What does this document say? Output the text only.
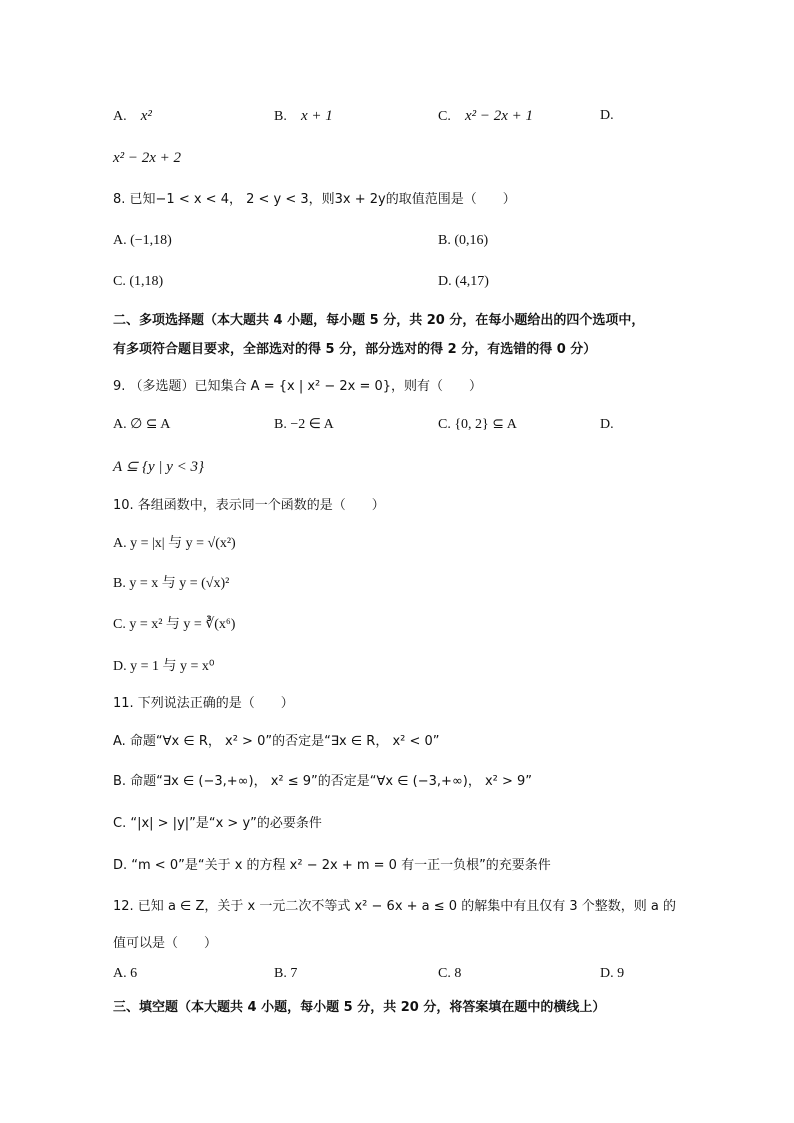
A. x²	B. x + 1	C. x² − 2x + 1	D.
x² − 2x + 2
8. 已知−1 < x < 4， 2 < y < 3，则3x + 2y的取值范围是（　　）
A. (−1,18)	B. (0,16)
C. (1,18)	D. (4,17)
二、多项选择题（本大题共 4 小题，每小题 5 分，共 20 分，在每小题给出的四个选项中，
有多项符合题目要求，全部选对的得 5 分，部分选对的得 2 分，有选错的得 0 分）
9. （多选题）已知集合 A = {x | x² − 2x = 0}，则有（　　）
A. ∅ ⊆ A	B. −2 ∈ A	C. {0, 2} ⊆ A	D.
A ⊆ {y | y < 3}
10. 各组函数中，表示同一个函数的是（　　）
A. y = |x| 与 y = √(x²)
B. y = x 与 y = (√x)²
C. y = x² 与 y = ∛(x⁶)
D. y = 1 与 y = x⁰
11. 下列说法正确的是（　　）
A. 命题“∀x ∈ R， x² > 0”的否定是“∃x ∈ R， x² < 0”
B. 命题“∃x ∈ (−3,+∞)， x² ≤ 9”的否定是“∀x ∈ (−3,+∞)， x² > 9”
C. “|x| > |y|”是“x > y”的必要条件
D. “m < 0”是“关于 x 的方程 x² − 2x + m = 0 有一正一负根”的充要条件
12. 已知 a ∈ Z，关于 x 一元二次不等式 x² − 6x + a ≤ 0 的解集中有且仅有 3 个整数，则 a 的
值可以是（　　）
A. 6	B. 7	C. 8	D. 9
三、填空题（本大题共 4 小题，每小题 5 分，共 20 分，将答案填在题中的横线上）
